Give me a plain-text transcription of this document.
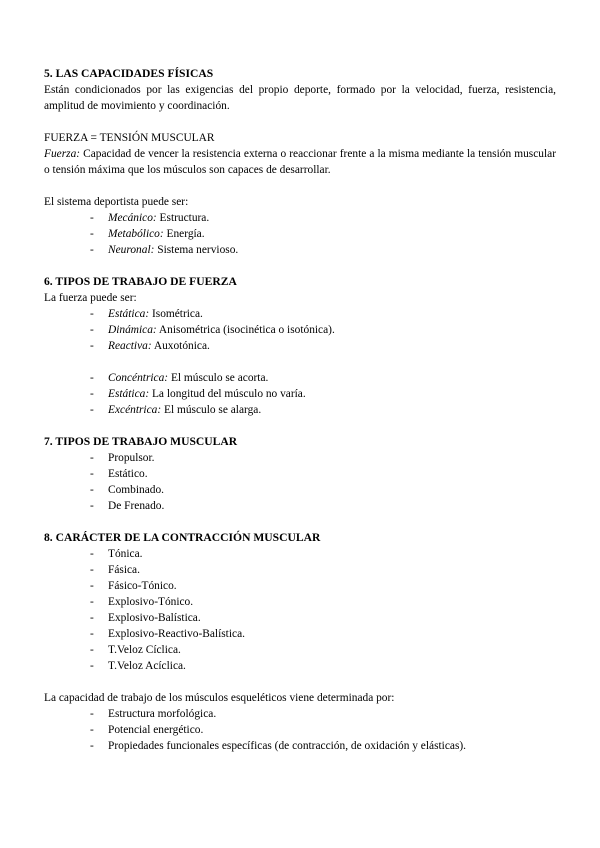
5. LAS CAPACIDADES FÍSICAS

Están condicionados por las exigencias del propio deporte, formado por la velocidad, fuerza, resistencia, amplitud de movimiento y coordinación.

FUERZA = TENSIÓN MUSCULAR

Fuerza: Capacidad de vencer la resistencia externa o reaccionar frente a la misma mediante la tensión muscular o tensión máxima que los músculos son capaces de desarrollar.

El sistema deportista puede ser:

- Mecánico: Estructura.
- Metabólico: Energía.
- Neuronal: Sistema nervioso.
6. TIPOS DE TRABAJO DE FUERZA

La fuerza puede ser:

- Estática: Isométrica.
- Dinámica: Anisométrica (isocinética o isotónica).
- Reactiva: Auxotónica.
- Concéntrica: El músculo se acorta.
- Estática: La longitud del músculo no varía.
- Excéntrica: El músculo se alarga.
7. TIPOS DE TRABAJO MUSCULAR
- Propulsor.
- Estático.
- Combinado.
- De Frenado.
8. CARÁCTER DE LA CONTRACCIÓN MUSCULAR
- Tónica.
- Fásica.
- Fásico-Tónico.
- Explosivo-Tónico.
- Explosivo-Balística.
- Explosivo-Reactivo-Balística.
- T.Veloz Cíclica.
- T.Veloz Acíclica.

La capacidad de trabajo de los músculos esqueléticos viene determinada por:

- Estructura morfológica.
- Potencial energético.
- Propiedades funcionales específicas (de contracción, de oxidación y elásticas).
